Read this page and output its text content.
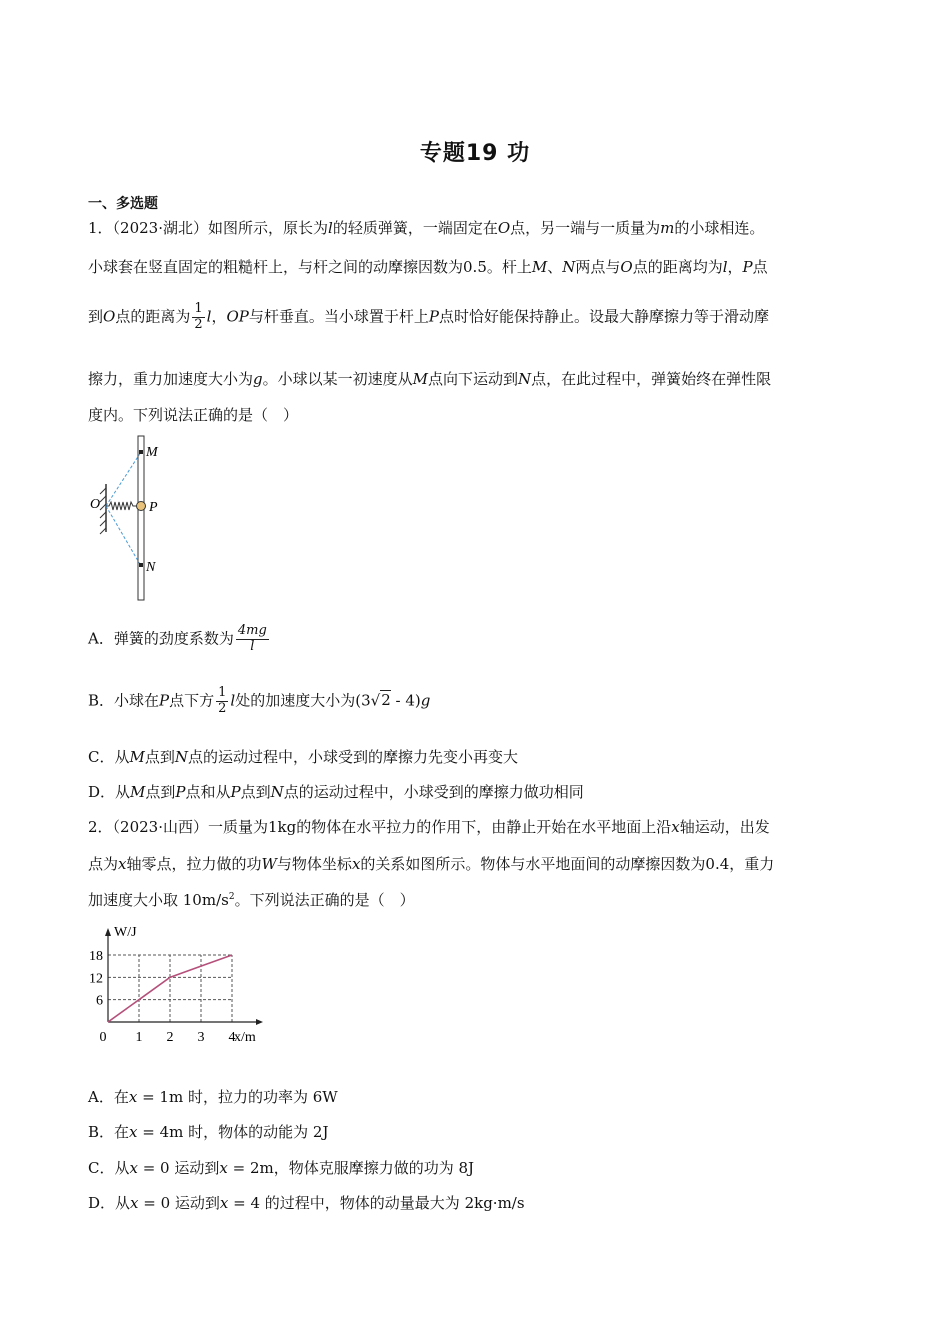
专题19 功
一、多选题
1．（2023·湖北）如图所示，原长为l的轻质弹簧，一端固定在O点，另一端与一质量为m的小球相连。
小球套在竖直固定的粗糙杆上，与杆之间的动摩擦因数为0.5。杆上M、N两点与O点的距离均为l，P点
到O点的距离为 $\frac{1}{2}$ l，OP与杆垂直。当小球置于杆上P点时恰好能保持静止。设最大静摩擦力等于滑动摩
擦力，重力加速度大小为g。小球以某一初速度从M点向下运动到N点，在此过程中，弹簧始终在弹性限
度内。下列说法正确的是（　）
O
M
P
N
A．弹簧的劲度系数为 $\frac{4mg}{l}$
B．小球在P点下方 $\frac{1}{2}$ l处的加速度大小为(3√2 - 4)g
C．从M点到N点的运动过程中，小球受到的摩擦力先变小再变大
D．从M点到P点和从P点到N点的运动过程中，小球受到的摩擦力做功相同
2．（2023·山西）一质量为1kg的物体在水平拉力的作用下，由静止开始在水平地面上沿x轴运动，出发
点为x轴零点，拉力做的功W与物体坐标x的关系如图所示。物体与水平地面间的动摩擦因数为0.4，重力
加速度大小取 $10m/s^2$。下列说法正确的是（　）
6
12
18
0 1 2 3 4
W/J
x/m
A．在x = 1m 时，拉力的功率为 6W
B．在x = 4m 时，物体的动能为 2J
C．从x = 0 运动到x = 2m，物体克服摩擦力做的功为 8J
D．从x = 0 运动到x = 4 的过程中，物体的动量最大为 2kg·m/s
